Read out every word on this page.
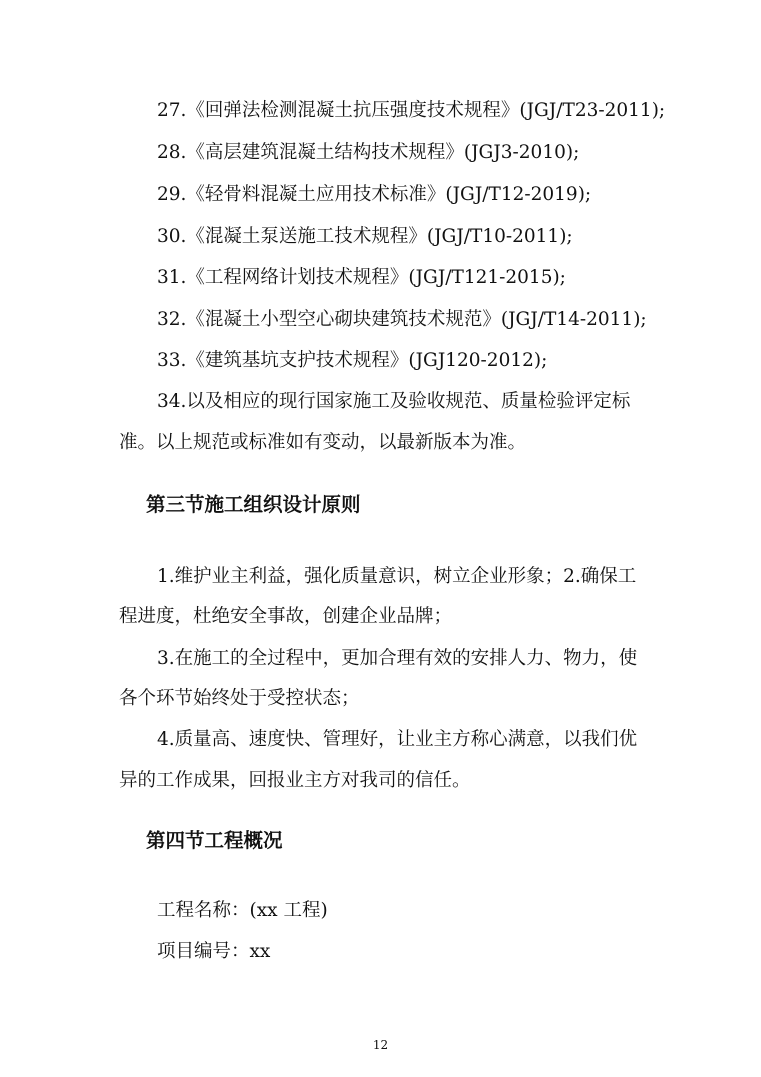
27.《回弹法检测混凝土抗压强度技术规程》(JGJ/T23-2011);
28.《高层建筑混凝土结构技术规程》(JGJ3-2010);
29.《轻骨料混凝土应用技术标准》(JGJ/T12-2019);
30.《混凝土泵送施工技术规程》(JGJ/T10-2011);
31.《工程网络计划技术规程》(JGJ/T121-2015);
32.《混凝土小型空心砌块建筑技术规范》(JGJ/T14-2011);
33.《建筑基坑支护技术规程》(JGJ120-2012);
34.以及相应的现行国家施工及验收规范、质量检验评定标
准。以上规范或标准如有变动，以最新版本为准。
第三节施工组织设计原则
1.维护业主利益，强化质量意识，树立企业形象；2.确保工
程进度，杜绝安全事故，创建企业品牌；
3.在施工的全过程中，更加合理有效的安排人力、物力，使
各个环节始终处于受控状态；
4.质量高、速度快、管理好，让业主方称心满意，以我们优
异的工作成果，回报业主方对我司的信任。
第四节工程概况
工程名称：(xx 工程)
项目编号：xx
12
